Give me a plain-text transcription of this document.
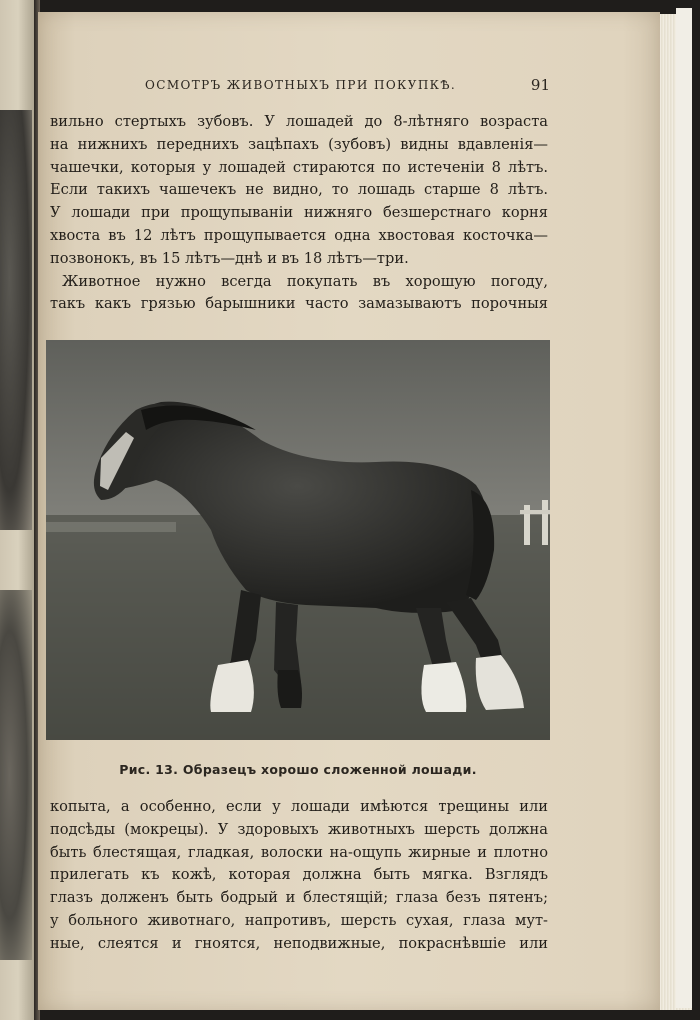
ОСМОТРЪ ЖИВОТНЫХЪ ПРИ ПОКУПКѢ.	91
вильно стертыхъ зубовъ. У лошадей до 8-лѣтняго возраста
на нижнихъ переднихъ зацѣпахъ (зубовъ) видны вдавленія—
чашечки, которыя у лошадей стираются по истеченіи 8 лѣтъ.
Если такихъ чашечекъ не видно, то лошадь старше 8 лѣтъ.
У лошади при прощупываніи нижняго безшерстнаго корня
хвоста въ 12 лѣтъ прощупывается одна хвостовая косточка—
позвонокъ, въ 15 лѣтъ—днѣ и въ 18 лѣтъ—три.
Животное нужно всегда покупать въ хорошую погоду,
такъ какъ грязью барышники часто замазываютъ порочныя
Рис. 13. Образецъ хорошо сложенной лошади.
копыта, а особенно, если у лошади имѣются трещины или
подсѣды (мокрецы). У здоровыхъ животныхъ шерсть должна
быть блестящая, гладкая, волоски на-ощупь жирные и плотно
прилегать къ кожѣ, которая должна быть мягка. Взглядъ
глазъ долженъ быть бодрый и блестящій; глаза безъ пятенъ;
у больного животнаго, напротивъ, шерсть сухая, глаза мут-
ные, слеятся и гноятся, неподвижные, покраснѣвшіе или
